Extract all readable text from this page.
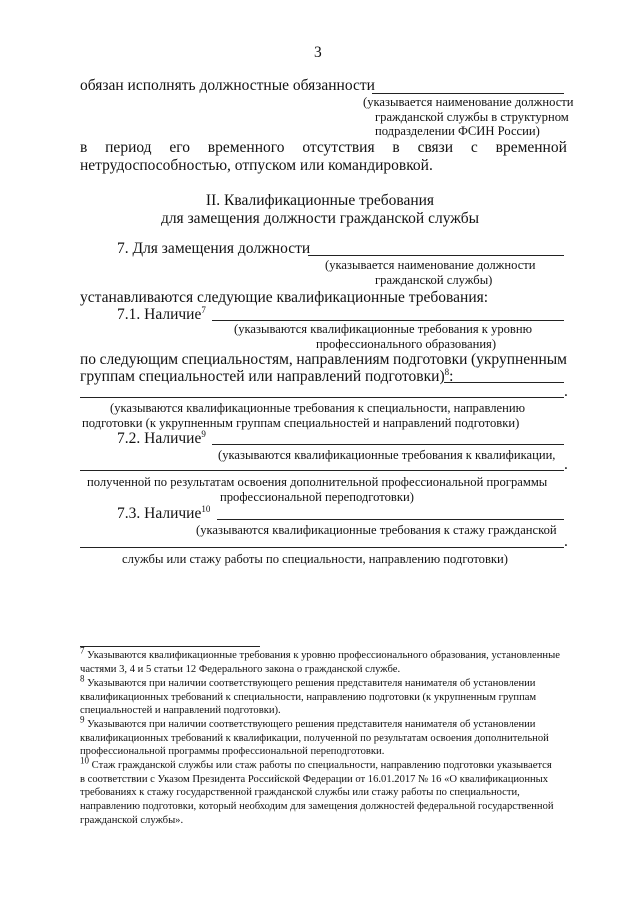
3
обязан исполнять должностные обязанности
(указывается наименование должности
гражданской службы в структурном
подразделении ФСИН России)
в период его временного отсутствия в связи с временной
нетрудоспособностью, отпуском или командировкой.
II. Квалификационные требования
для замещения должности гражданской службы
7. Для замещения должности
(указывается наименование должности
гражданской службы)
устанавливаются следующие квалификационные требования:
7.1. Наличие$^7$
(указываются квалификационные требования к уровню
профессионального образования)
по следующим специальностям, направлениям подготовки (укрупненным
группам специальностей или направлений подготовки)$^8$:
.
(указываются квалификационные требования к специальности, направлению
подготовки (к укрупненным группам специальностей и направлений подготовки)
7.2. Наличие$^9$
(указываются квалификационные требования к квалификации,
.
полученной по результатам освоения дополнительной профессиональной программы
профессиональной переподготовки)
7.3. Наличие$^{10}$
(указываются квалификационные требования к стажу гражданской
.
службы или стажу работы по специальности, направлению подготовки)
$^7$ Указываются квалификационные требования к уровню профессионального образования, установленные
частями 3, 4 и 5 статьи 12 Федерального закона о гражданской службе.
$^8$ Указываются при наличии соответствующего решения представителя нанимателя об установлении
квалификационных требований к специальности, направлению подготовки (к укрупненным группам
специальностей и направлений подготовки).
$^9$ Указываются при наличии соответствующего решения представителя нанимателя об установлении
квалификационных требований к квалификации, полученной по результатам освоения дополнительной
профессиональной программы профессиональной переподготовки.
$^{10}$ Стаж гражданской службы или стаж работы по специальности, направлению подготовки указывается
в соответствии с Указом Президента Российской Федерации от 16.01.2017 № 16 «О квалификационных
требованиях к стажу государственной гражданской службы или стажу работы по специальности,
направлению подготовки, который необходим для замещения должностей федеральной государственной
гражданской службы».
